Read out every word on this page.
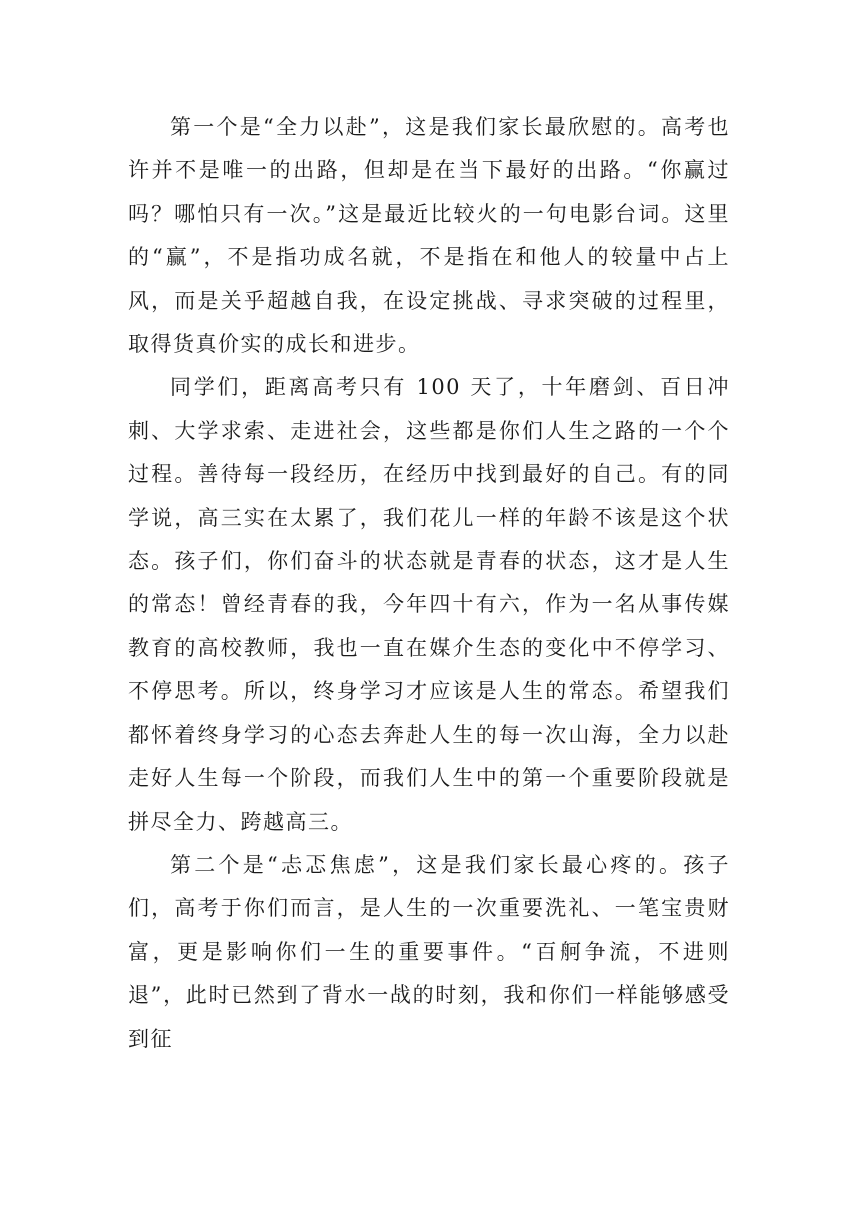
第一个是“全力以赴”，这是我们家长最欣慰的。高考也许并不是唯一的出路，但却是在当下最好的出路。“你赢过吗？哪怕只有一次。”这是最近比较火的一句电影台词。这里的“赢”，不是指功成名就，不是指在和他人的较量中占上风，而是关乎超越自我，在设定挑战、寻求突破的过程里，取得货真价实的成长和进步。

同学们，距离高考只有 100 天了，十年磨剑、百日冲刺、大学求索、走进社会，这些都是你们人生之路的一个个过程。善待每一段经历，在经历中找到最好的自己。有的同学说，高三实在太累了，我们花儿一样的年龄不该是这个状态。孩子们，你们奋斗的状态就是青春的状态，这才是人生的常态！曾经青春的我，今年四十有六，作为一名从事传媒教育的高校教师，我也一直在媒介生态的变化中不停学习、不停思考。所以，终身学习才应该是人生的常态。希望我们都怀着终身学习的心态去奔赴人生的每一次山海，全力以赴走好人生每一个阶段，而我们人生中的第一个重要阶段就是拼尽全力、跨越高三。

第二个是“忐忑焦虑”，这是我们家长最心疼的。孩子们，高考于你们而言，是人生的一次重要洗礼、一笔宝贵财富，更是影响你们一生的重要事件。“百舸争流，不进则退”，此时已然到了背水一战的时刻，我和你们一样能够感受到征
